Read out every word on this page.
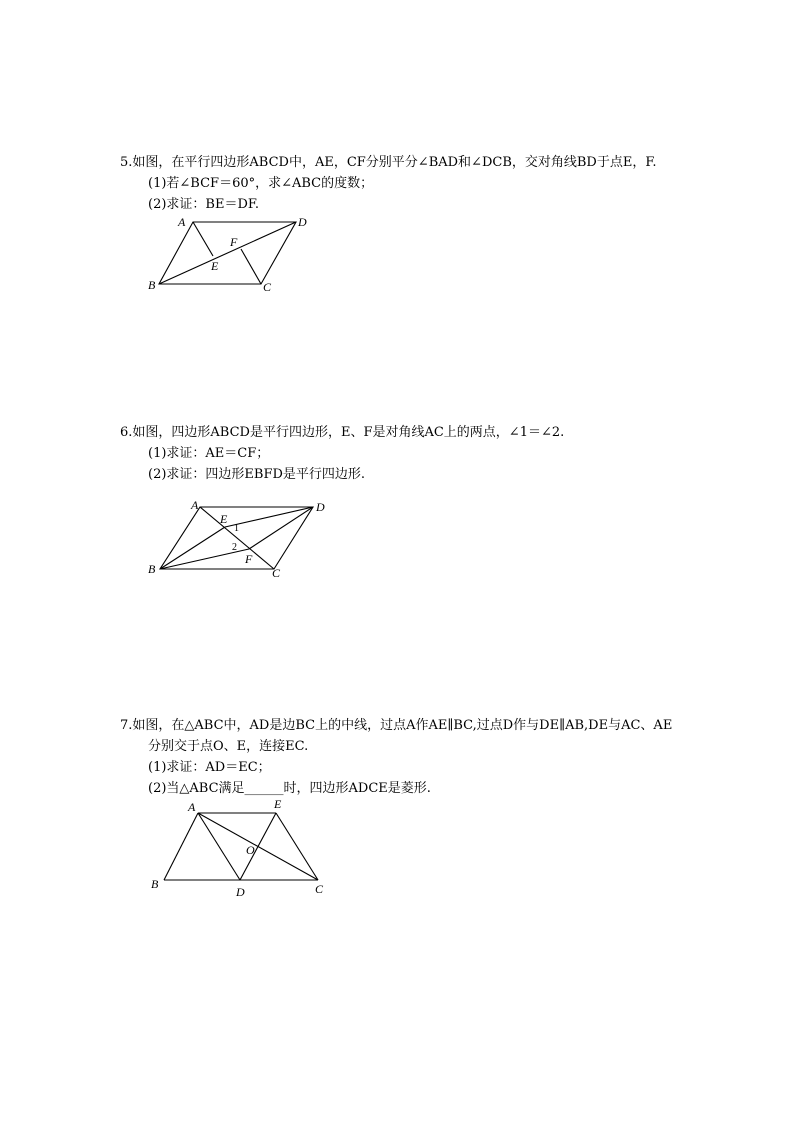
5.如图，在平行四边形ABCD中，AE，CF分别平分∠BAD和∠DCB，交对角线BD于点E，F.
(1)若∠BCF＝60°，求∠ABC的度数；
(2)求证：BE＝DF.
A	D
B	C
E
F
6.如图，四边形ABCD是平行四边形，E、F是对角线AC上的两点，∠1＝∠2.
(1)求证：AE＝CF；
(2)求证：四边形EBFD是平行四边形.
A	D
B	C
E
F
1
2
7.如图，在△ABC中，AD是边BC上的中线，过点A作AE∥BC,过点D作与DE∥AB,DE与AC、AE
分别交于点O、E，连接EC.
(1)求证：AD＝EC；
(2)当△ABC满足______时，四边形ADCE是菱形.
A	E
B
D	C
O
